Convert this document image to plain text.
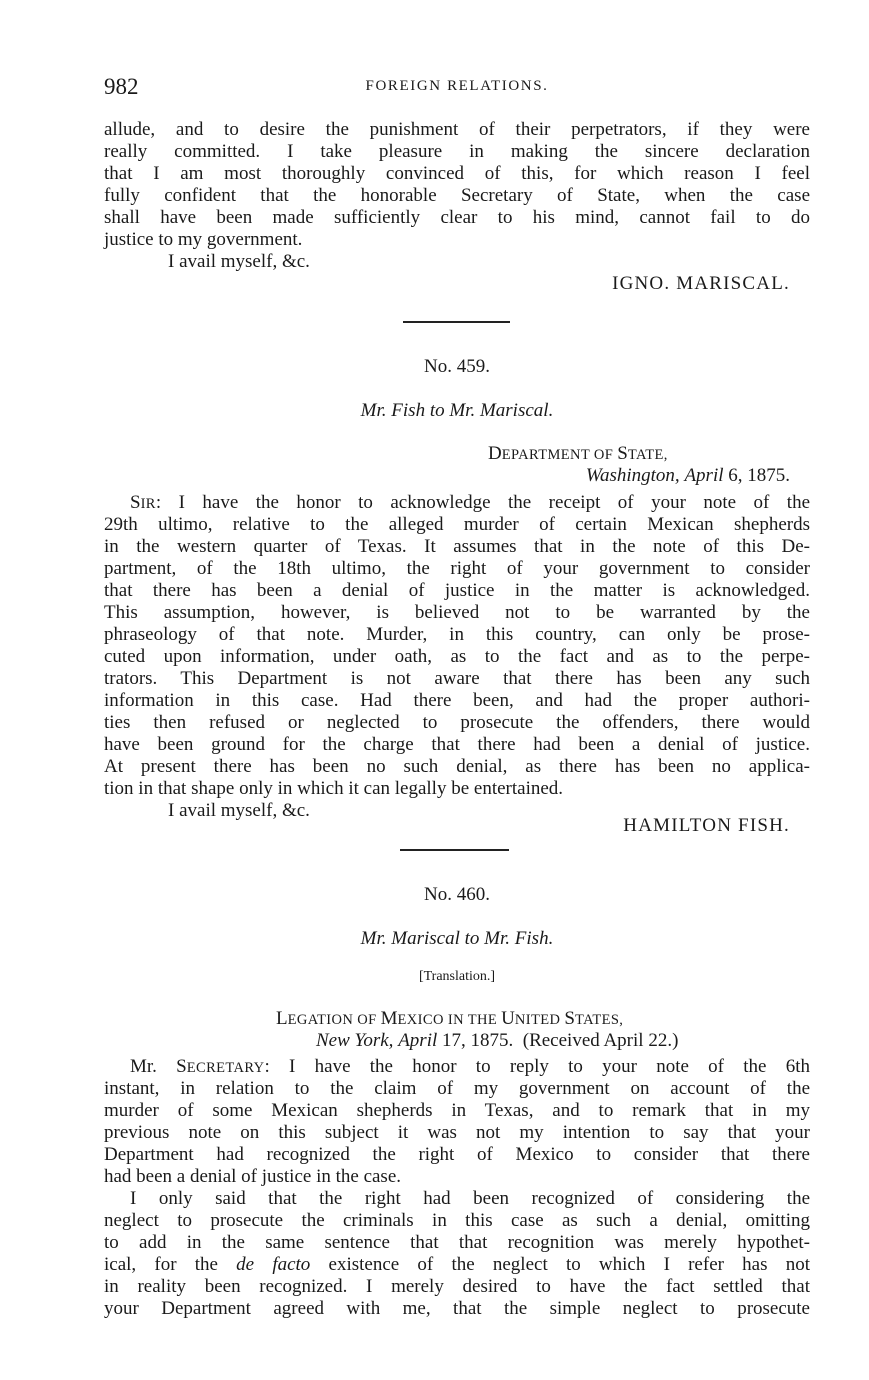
982	FOREIGN RELATIONS.
allude, and to desire the punishment of their perpetrators, if they were
really committed. I take pleasure in making the sincere declaration
that I am most thoroughly convinced of this, for which reason I feel
fully confident that the honorable Secretary of State, when the case
shall have been made sufficiently clear to his mind, cannot fail to do
justice to my government.
I avail myself, &c.
IGNO. MARISCAL.
No. 459.
Mr. Fish to Mr. Mariscal.
DEPARTMENT OF STATE,
Washington, April 6, 1875.
SIR: I have the honor to acknowledge the receipt of your note of the
29th ultimo, relative to the alleged murder of certain Mexican shepherds
in the western quarter of Texas. It assumes that in the note of this De-
partment, of the 18th ultimo, the right of your government to consider
that there has been a denial of justice in the matter is acknowledged.
This assumption, however, is believed not to be warranted by the
phraseology of that note. Murder, in this country, can only be prose-
cuted upon information, under oath, as to the fact and as to the perpe-
trators. This Department is not aware that there has been any such
information in this case. Had there been, and had the proper authori-
ties then refused or neglected to prosecute the offenders, there would
have been ground for the charge that there had been a denial of justice.
At present there has been no such denial, as there has been no applica-
tion in that shape only in which it can legally be entertained.
I avail myself, &c.
HAMILTON FISH.
No. 460.
Mr. Mariscal to Mr. Fish.
[Translation.]
LEGATION OF MEXICO IN THE UNITED STATES,
New York, April 17, 1875. (Received April 22.)
Mr. SECRETARY: I have the honor to reply to your note of the 6th
instant, in relation to the claim of my government on account of the
murder of some Mexican shepherds in Texas, and to remark that in my
previous note on this subject it was not my intention to say that your
Department had recognized the right of Mexico to consider that there
had been a denial of justice in the case.
I only said that the right had been recognized of considering the
neglect to prosecute the criminals in this case as such a denial, omitting
to add in the same sentence that that recognition was merely hypothet-
ical, for the de facto existence of the neglect to which I refer has not
in reality been recognized. I merely desired to have the fact settled that
your Department agreed with me, that the simple neglect to prosecute
